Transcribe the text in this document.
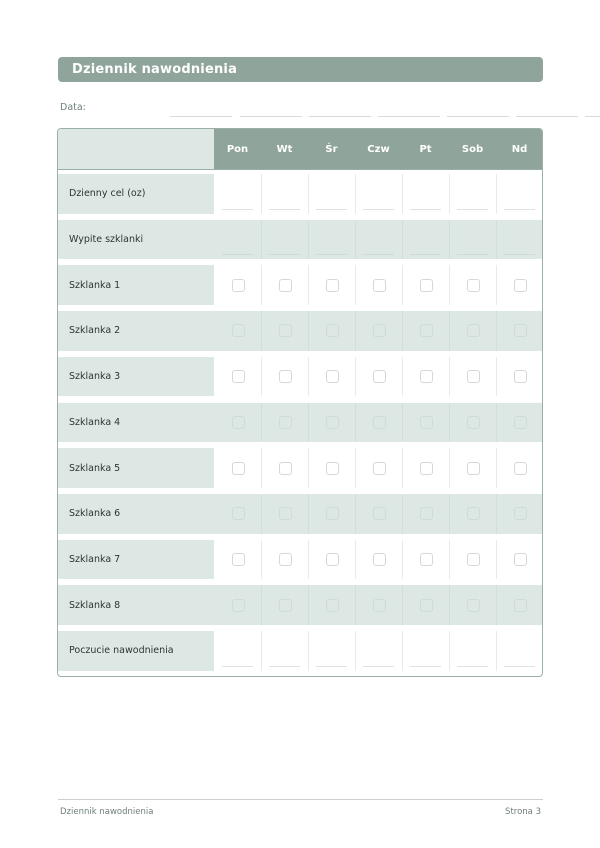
Dziennik nawodnienia
Data:
Pon	Wt	Śr	Czw	Pt	Sob	Nd
Dzienny cel (oz)
Wypite szklanki
Szklanka 1
Szklanka 2
Szklanka 3
Szklanka 4
Szklanka 5
Szklanka 6
Szklanka 7
Szklanka 8
Poczucie nawodnienia
Dziennik nawodnienia	Strona 3
